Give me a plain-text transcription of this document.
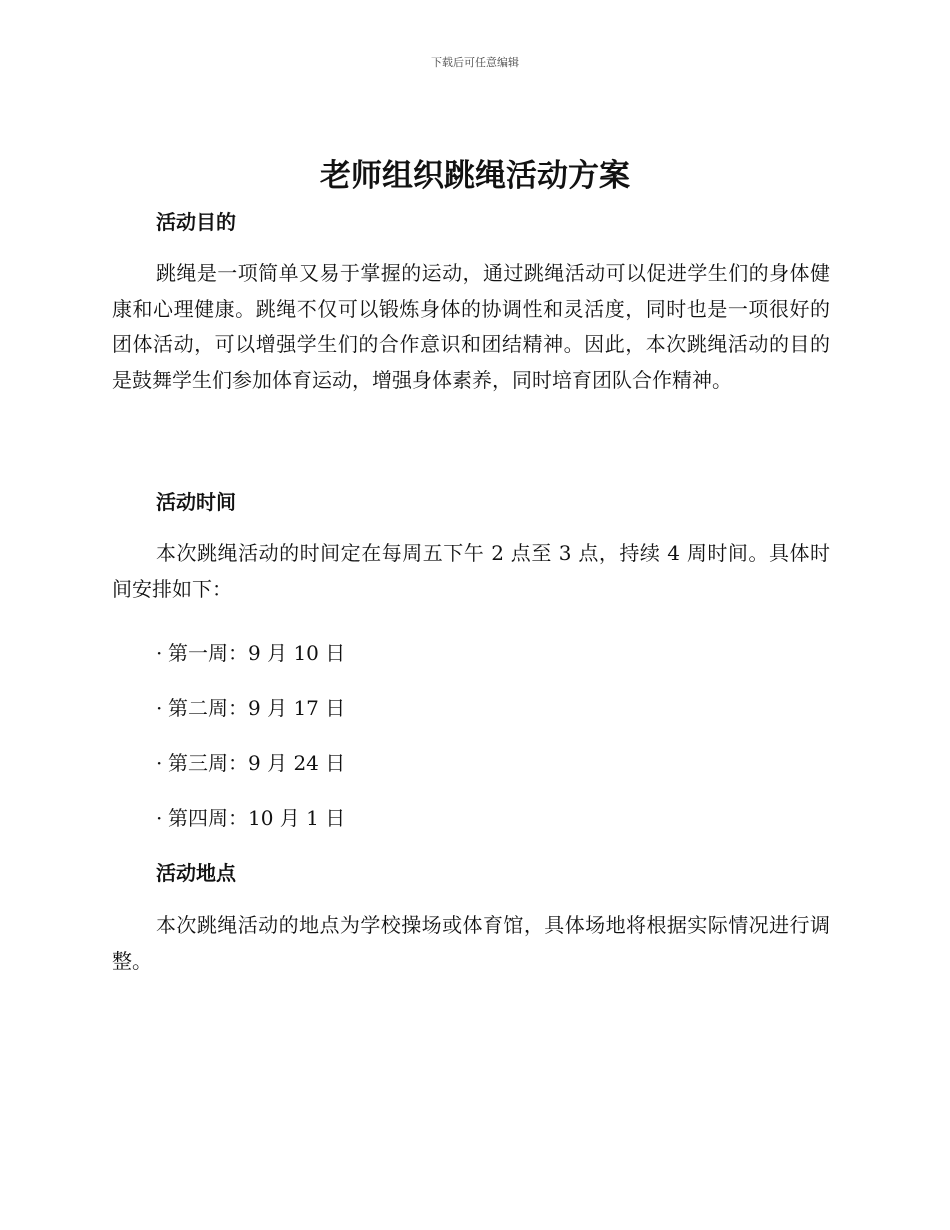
下载后可任意编辑
老师组织跳绳活动方案
活动目的

跳绳是一项简单又易于掌握的运动，通过跳绳活动可以促进学生们的身体健康和心理健康。跳绳不仅可以锻炼身体的协调性和灵活度，同时也是一项很好的团体活动，可以增强学生们的合作意识和团结精神。因此，本次跳绳活动的目的是鼓舞学生们参加体育运动，增强身体素养，同时培育团队合作精神。

活动时间

本次跳绳活动的时间定在每周五下午 2 点至 3 点，持续 4 周时间。具体时间安排如下：

· 第一周：9 月 10 日

· 第二周：9 月 17 日

· 第三周：9 月 24 日

· 第四周：10 月 1 日

活动地点

本次跳绳活动的地点为学校操场或体育馆，具体场地将根据实际情况进行调整。
